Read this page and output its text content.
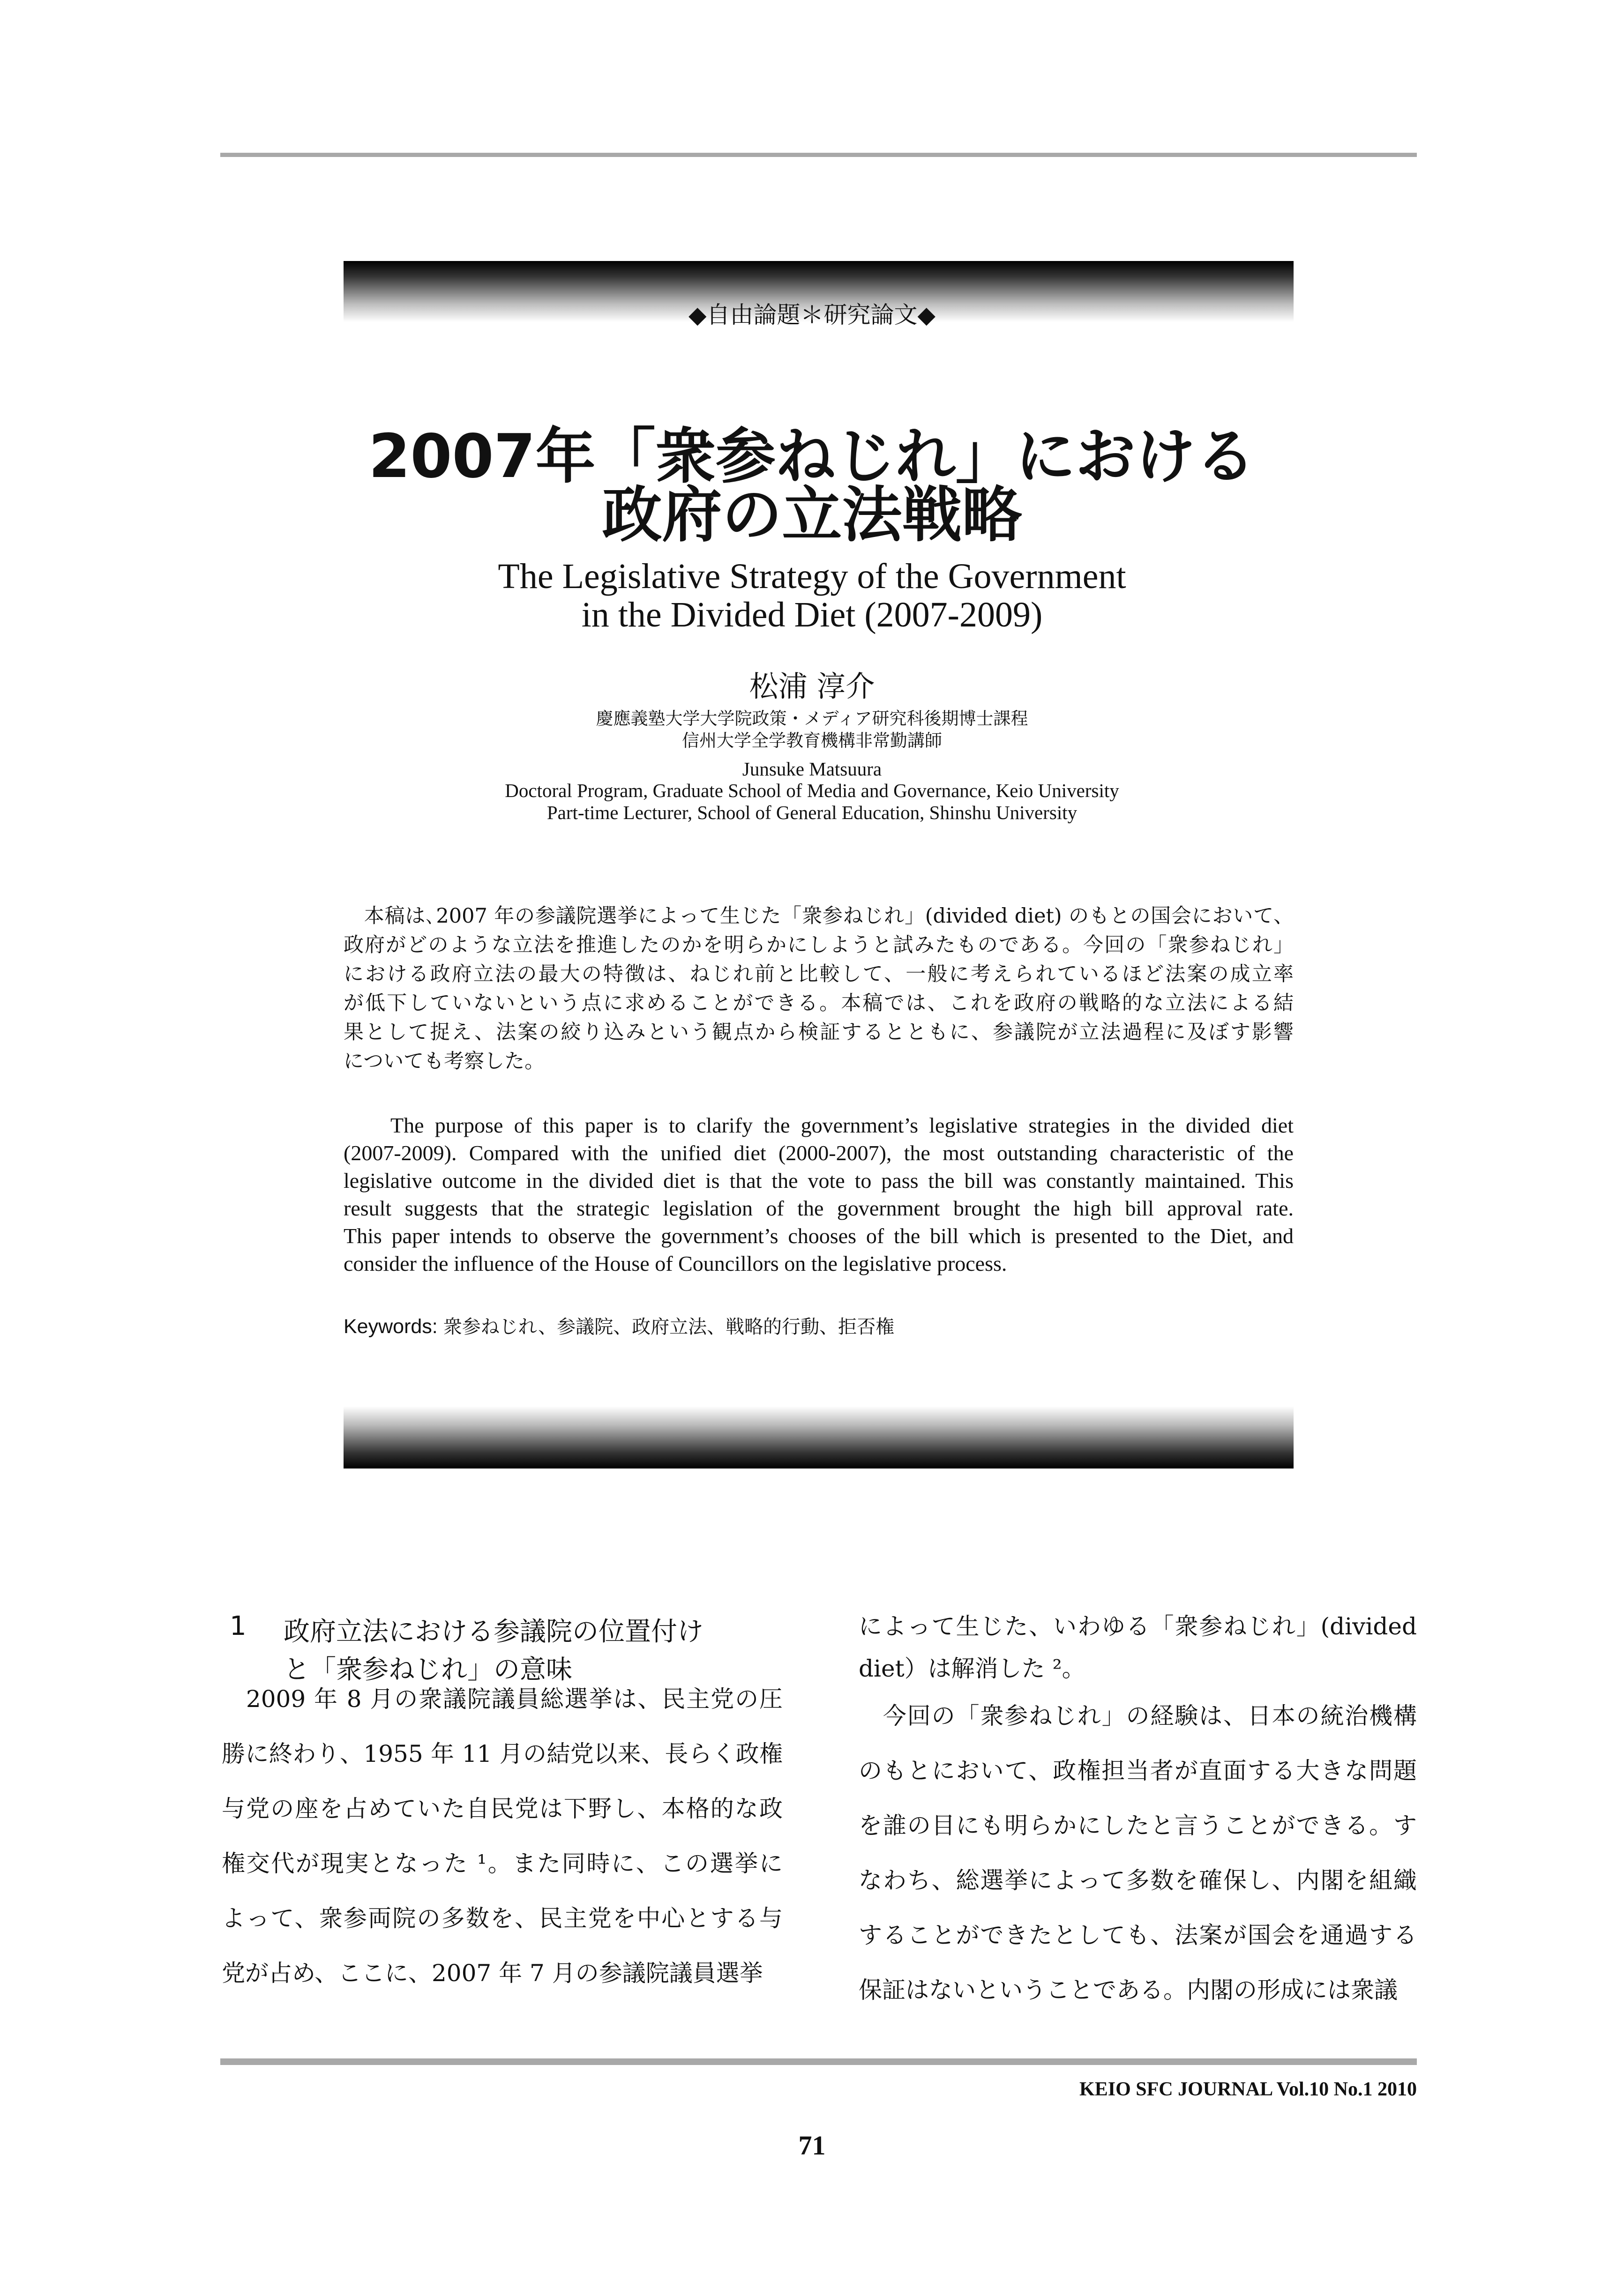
◆自由論題＊研究論文◆
2007年「衆参ねじれ」における
政府の立法戦略
The Legislative Strategy of the Government
in the Divided Diet (2007-2009)
松浦 淳介
慶應義塾大学大学院政策・メディア研究科後期博士課程
信州大学全学教育機構非常勤講師
Junsuke Matsuura
Doctoral Program, Graduate School of Media and Governance, Keio University
Part-time Lecturer, School of General Education, Shinshu University
　本稿は､2007 年の参議院選挙によって生じた「衆参ねじれ」(divided diet) のもとの国会において、
政府がどのような立法を推進したのかを明らかにしようと試みたものである。今回の「衆参ねじれ」
における政府立法の最大の特徴は、ねじれ前と比較して、一般に考えられているほど法案の成立率
が低下していないという点に求めることができる。本稿では、これを政府の戦略的な立法による結
果として捉え、法案の絞り込みという観点から検証するとともに、参議院が立法過程に及ぼす影響
についても考察した。
The purpose of this paper is to clarify the government’s legislative strategies in the divided diet
(2007-2009). Compared with the unified diet (2000-2007), the most outstanding characteristic of the
legislative outcome in the divided diet is that the vote to pass the bill was constantly maintained. This
result suggests that the strategic legislation of the government brought the high bill approval rate.
This paper intends to observe the government’s chooses of the bill which is presented to the Diet, and
consider the influence of the House of Councillors on the legislative process.
Keywords: 衆参ねじれ、参議院、政府立法、戦略的行動、拒否権
1 政府立法における参議院の位置付け
と「衆参ねじれ」の意味
　2009 年 8 月の衆議院議員総選挙は、民主党の圧
勝に終わり、1955 年 11 月の結党以来、長らく政権
与党の座を占めていた自民党は下野し、本格的な政
権交代が現実となった ¹。また同時に、この選挙に
よって、衆参両院の多数を、民主党を中心とする与
党が占め、ここに、2007 年 7 月の参議院議員選挙
によって生じた、いわゆる「衆参ねじれ」(divided
diet）は解消した ²。
　今回の「衆参ねじれ」の経験は、日本の統治機構
のもとにおいて、政権担当者が直面する大きな問題
を誰の目にも明らかにしたと言うことができる。す
なわち、総選挙によって多数を確保し、内閣を組織
することができたとしても、法案が国会を通過する
保証はないということである。内閣の形成には衆議
KEIO SFC JOURNAL Vol.10 No.1 2010
71
